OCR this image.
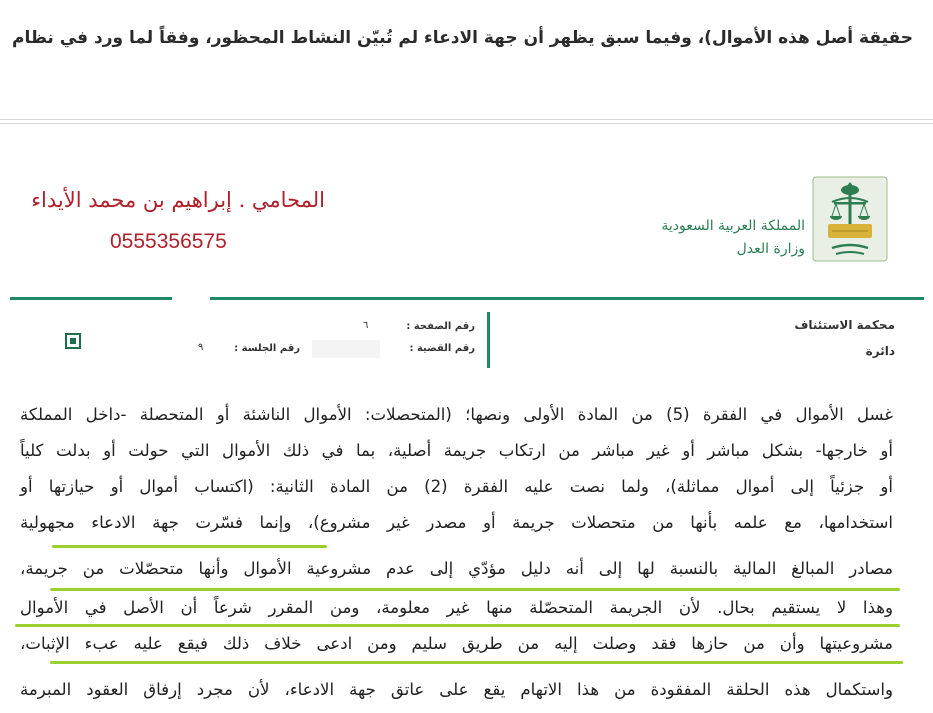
حقيقة أصل هذه الأموال)، وفيما سبق يظهر أن جهة الادعاء لم تُبيّن النشاط المحظور، وفقاً لما ورد في نظام
المحامي . إبراهيم بن محمد الأيداء
0555356575
المملكة العربية السعودية
وزارة العدل
محكمة الاستئناف
دائرة
رقم الصفحة :
٦
رقم القضية :
رقم الجلسة :
٩
غسل الأموال في الفقرة (5) من المادة الأولى ونصها؛ (المتحصلات: الأموال الناشئة أو المتحصلة -داخل المملكة
أو خارجها- بشكل مباشر أو غير مباشر من ارتكاب جريمة أصلية، بما في ذلك الأموال التي حولت أو بدلت كلياً
أو جزئياً إلى أموال مماثلة)، ولما نصت عليه الفقرة (2) من المادة الثانية: (اكتساب أموال أو حيازتها أو
استخدامها، مع علمه بأنها من متحصلات جريمة أو مصدر غير مشروع)، وإنما فسّرت جهة الادعاء مجهولية
مصادر المبالغ المالية بالنسبة لها إلى أنه دليل مؤدّي إلى عدم مشروعية الأموال وأنها متحصّلات من جريمة،
وهذا لا يستقيم بحال. لأن الجريمة المتحصّلة منها غير معلومة، ومن المقرر شرعاً أن الأصل في الأموال
مشروعيتها وأن من حازها فقد وصلت إليه من طريق سليم ومن ادعى خلاف ذلك فيقع عليه عبء الإثبات،
واستكمال هذه الحلقة المفقودة من هذا الاتهام يقع على عاتق جهة الادعاء، لأن مجرد إرفاق العقود المبرمة
